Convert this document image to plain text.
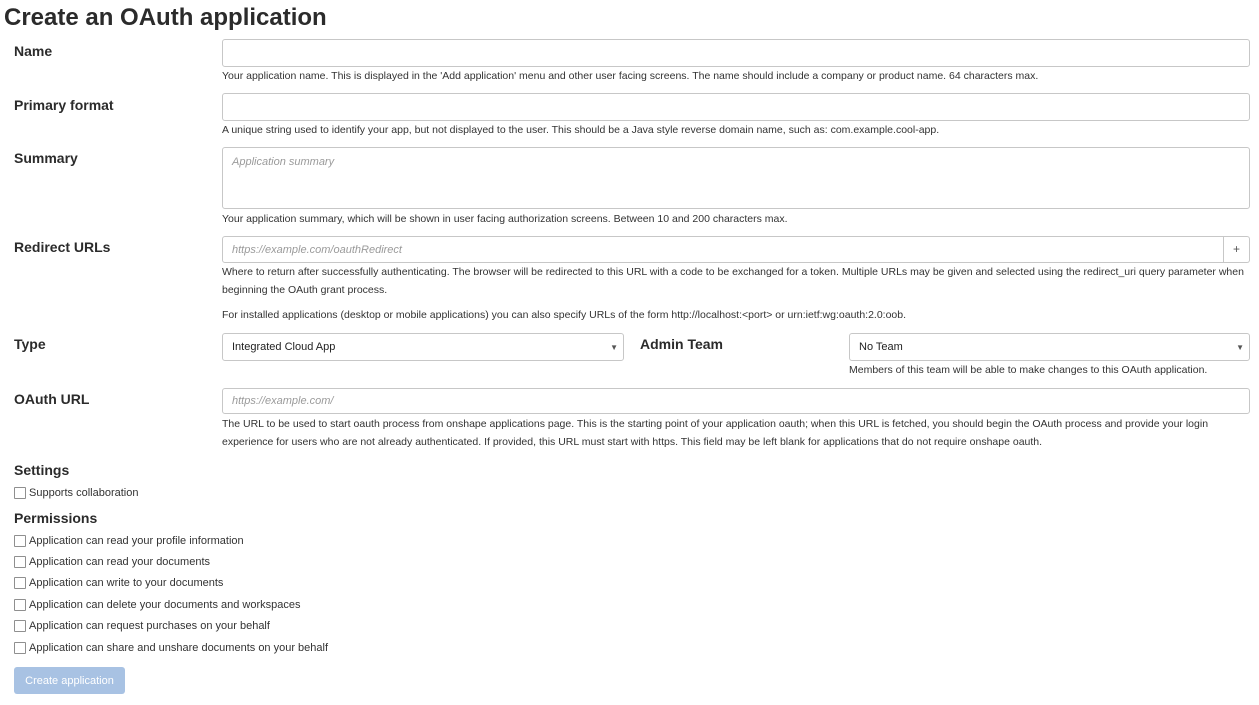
Create an OAuth application
Name
Your application name. This is displayed in the 'Add application' menu and other user facing screens. The name should include a company or product name. 64 characters max.
Primary format
A unique string used to identify your app, but not displayed to the user. This should be a Java style reverse domain name, such as: com.example.cool-app.
Summary	Application summary
Your application summary, which will be shown in user facing authorization screens. Between 10 and 200 characters max.
Redirect URLs	https://example.com/oauthRedirect	+
Where to return after successfully authenticating. The browser will be redirected to this URL with a code to be exchanged for a token. Multiple URLs may be given and selected using the redirect_uri query parameter when beginning the OAuth grant process.
For installed applications (desktop or mobile applications) you can also specify URLs of the form http://localhost:<port> or urn:ietf:wg:oauth:2.0:oob.
Type	Integrated Cloud App	▼ Admin Team	No Team	▼
Members of this team will be able to make changes to this OAuth application.
OAuth URL	https://example.com/
The URL to be used to start oauth process from onshape applications page. This is the starting point of your application oauth; when this URL is fetched, you should begin the OAuth process and provide your login experience for users who are not already authenticated. If provided, this URL must start with https. This field may be left blank for applications that do not require onshape oauth.
Settings
Supports collaboration
Permissions
Application can read your profile information
Application can read your documents
Application can write to your documents
Application can delete your documents and workspaces
Application can request purchases on your behalf
Application can share and unshare documents on your behalf
Create application
